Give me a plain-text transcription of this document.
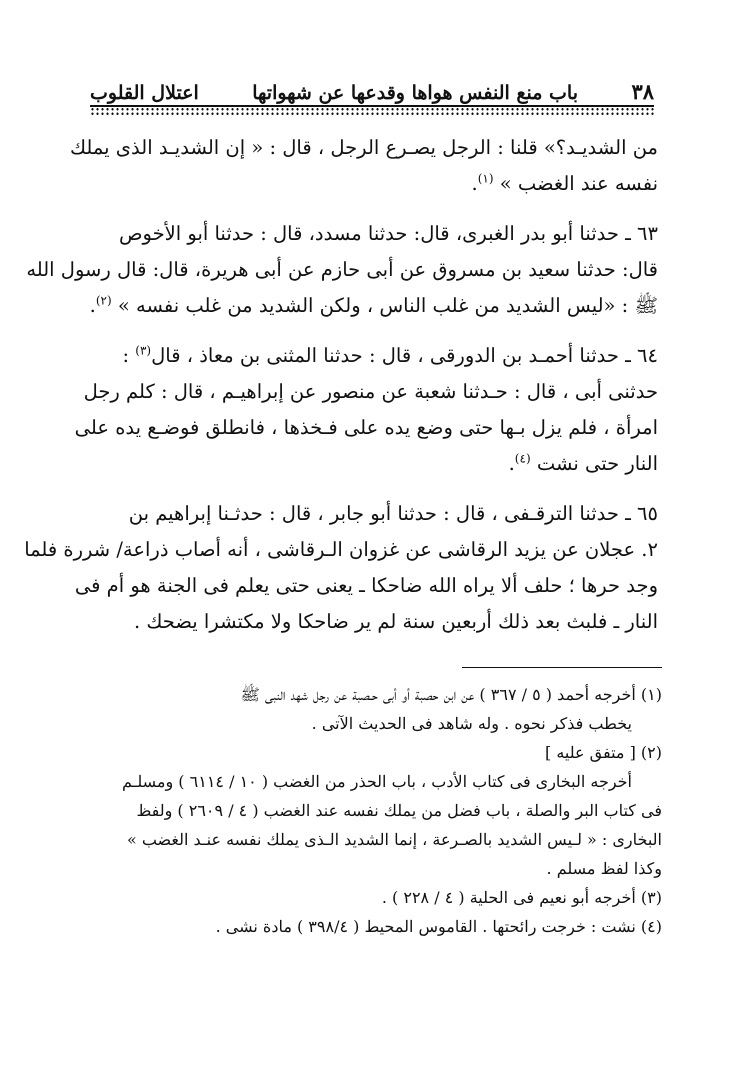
٣٨
باب منع النفس هواها وقدعها عن شهواتها
اعتلال القلوب
من الشديـد؟» قلنا : الرجل يصـرع الرجل ، قال : « إن الشديـد الذى يملك
نفسه عند الغضب » $^{(١)}$.
٦٣ ـ حدثنا أبو بدر الغبرى، قال: حدثنا مسدد، قال : حدثنا أبو الأخوص
قال: حدثنا سعيد بن مسروق عن أبى حازم عن أبى هريرة، قال: قال رسول الله
ﷺ : «ليس الشديد من غلب الناس ، ولكن الشديد من غلب نفسه » $^{(٢)}$.
٦٤ ـ حدثنا أحمـد بن الدورقى ، قال : حدثنا المثنى بن معاذ ، قال$^{(٣)}$ :
حدثنى أبى ، قال : حـدثنا شعبة عن منصور عن إبراهيـم ، قال : كلم رجل
امرأة ، فلم يزل بـها حتى وضع يده على فـخذها ، فانطلق فوضـع يده على
النار حتى نشت $^{(٤)}$.
٦٥ ـ حدثنا الترقـفى ، قال : حدثنا أبو جابر ، قال : حدثـنا إبراهيم بن
٢. عجلان عن يزيد الرقاشى عن غزوان الـرقاشى ، أنه أصاب ذراعة/ شررة فلما
وجد حرها ؛ حلف ألا يراه الله ضاحكا ـ يعنى حتى يعلم فى الجنة هو أم فى
النار ـ فلبث بعد ذلك أربعين سنة لم ير ضاحكا ولا مكتشرا يضحك .
(١) أخرجه أحمد ( ٥ / ٣٦٧ ) عن ابن حصبة أو أبى حـصبة عن رجل شهد النبى ﷺ
يخطب فذكر نحوه . وله شاهد فى الحديث الآتى .
(٢) [ متفق عليه ]
أخرجه البخارى فى كتاب الأدب ، باب الحذر من الغضب ( ١٠ / ٦١١٤ ) ومسلـم
فى كتاب البر والصلة ، باب فضل من يملك نفسه عند الغضب ( ٤ / ٢٦٠٩ ) ولفظ
البخارى : « لـيس الشديد بالصـرعة ، إنما الشديد الـذى يملك نفسه عنـد الغضب »
وكذا لفظ مسلم .
(٣) أخرجه أبو نعيم فى الحلية ( ٤ / ٢٢٨ ) .
(٤) نشت : خرجت رائحتها . القاموس المحيط ( ٣٩٨/٤ ) مادة نشى .
